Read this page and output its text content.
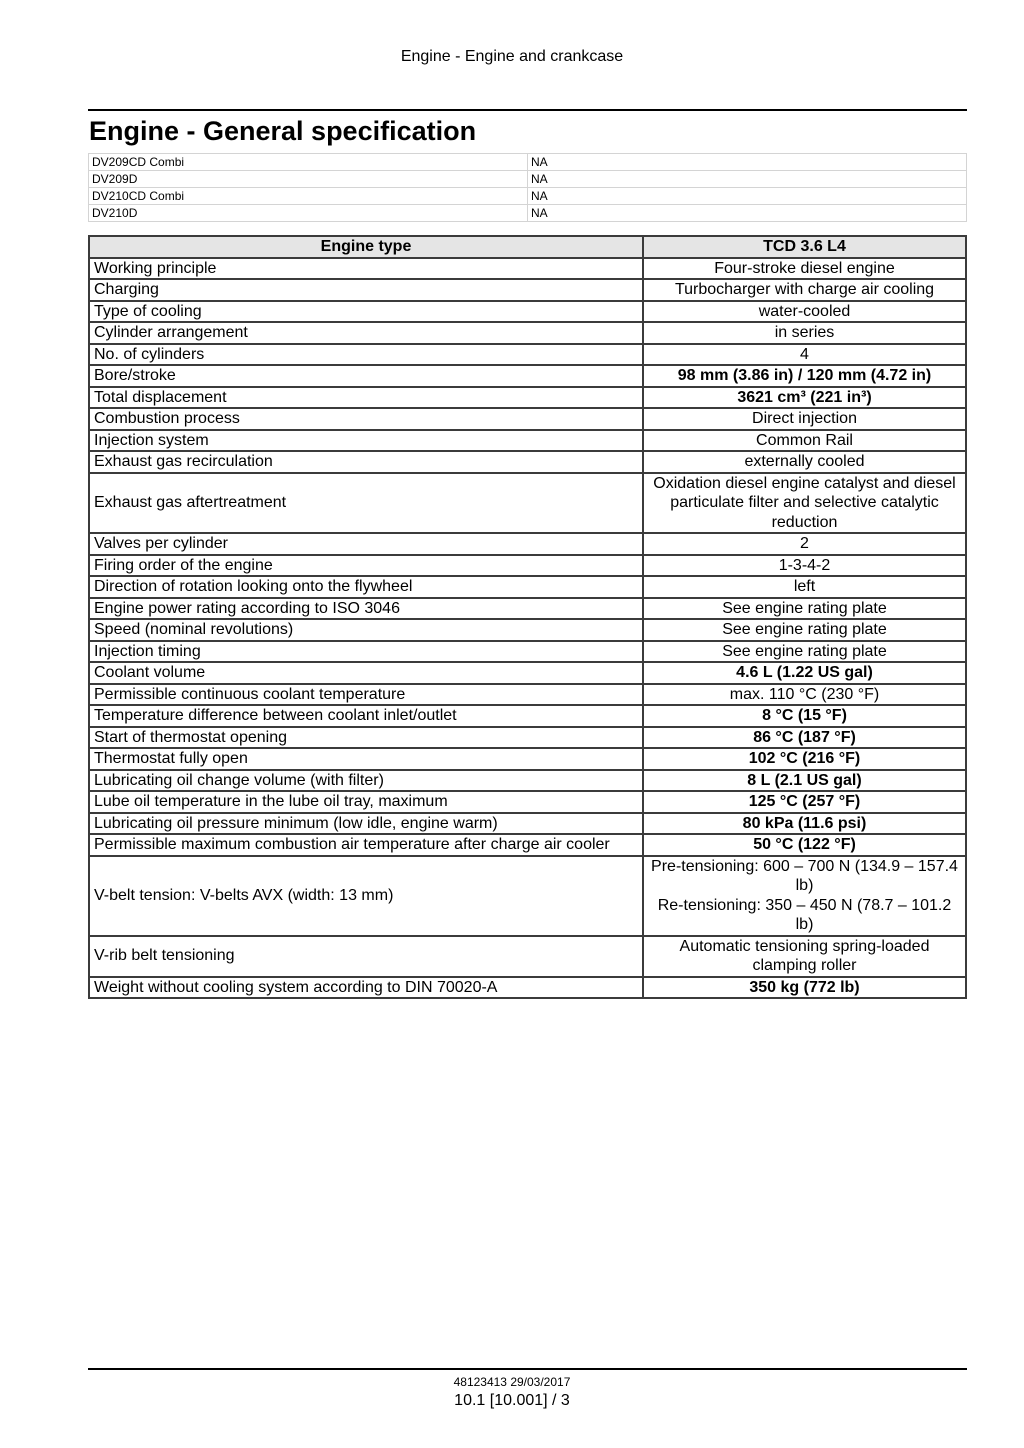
Engine - Engine and crankcase
Engine - General specification
DV209CD Combi	NA
DV209D	NA
DV210CD Combi	NA
DV210D	NA
Engine type	TCD 3.6 L4
Working principle	Four-stroke diesel engine
Charging	Turbocharger with charge air cooling
Type of cooling	water-cooled
Cylinder arrangement	in series
No. of cylinders	4
Bore/stroke	98 mm (3.86 in) / 120 mm (4.72 in)
Total displacement	3621 cm³ (221 in³)
Combustion process	Direct injection
Injection system	Common Rail
Exhaust gas recirculation	externally cooled
Exhaust gas aftertreatment	Oxidation diesel engine catalyst and diesel particulate filter and selective catalytic reduction
Valves per cylinder	2
Firing order of the engine	1-3-4-2
Direction of rotation looking onto the flywheel	left
Engine power rating according to ISO 3046	See engine rating plate
Speed (nominal revolutions)	See engine rating plate
Injection timing	See engine rating plate
Coolant volume	4.6 L (1.22 US gal)
Permissible continuous coolant temperature	max. 110 °C (230 °F)
Temperature difference between coolant inlet/outlet	8 °C (15 °F)
Start of thermostat opening	86 °C (187 °F)
Thermostat fully open	102 °C (216 °F)
Lubricating oil change volume (with filter)	8 L (2.1 US gal)
Lube oil temperature in the lube oil tray, maximum	125 °C (257 °F)
Lubricating oil pressure minimum (low idle, engine warm)	80 kPa (11.6 psi)
Permissible maximum combustion air temperature after charge air cooler	50 °C (122 °F)
V-belt tension: V-belts AVX (width: 13 mm)	Pre-tensioning: 600 – 700 N (134.9 – 157.4 lb)
Re-tensioning: 350 – 450 N (78.7 – 101.2 lb)

V-rib belt tensioning	Automatic tensioning spring-loaded clamping roller
Weight without cooling system according to DIN 70020-A	350 kg (772 lb)
48123413 29/03/2017
10.1 [10.001] / 3
